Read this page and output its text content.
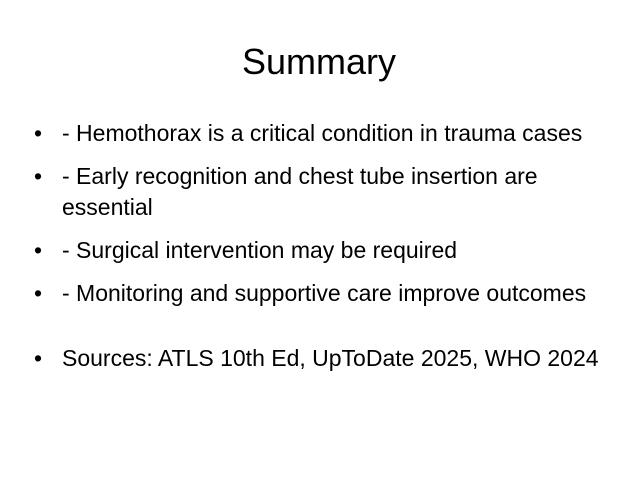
Summary
• - Hemothorax is a critical condition in trauma cases
• - Early recognition and chest tube insertion are essential
• - Surgical intervention may be required
• - Monitoring and supportive care improve outcomes
• Sources: ATLS 10th Ed, UpToDate 2025, WHO 2024
